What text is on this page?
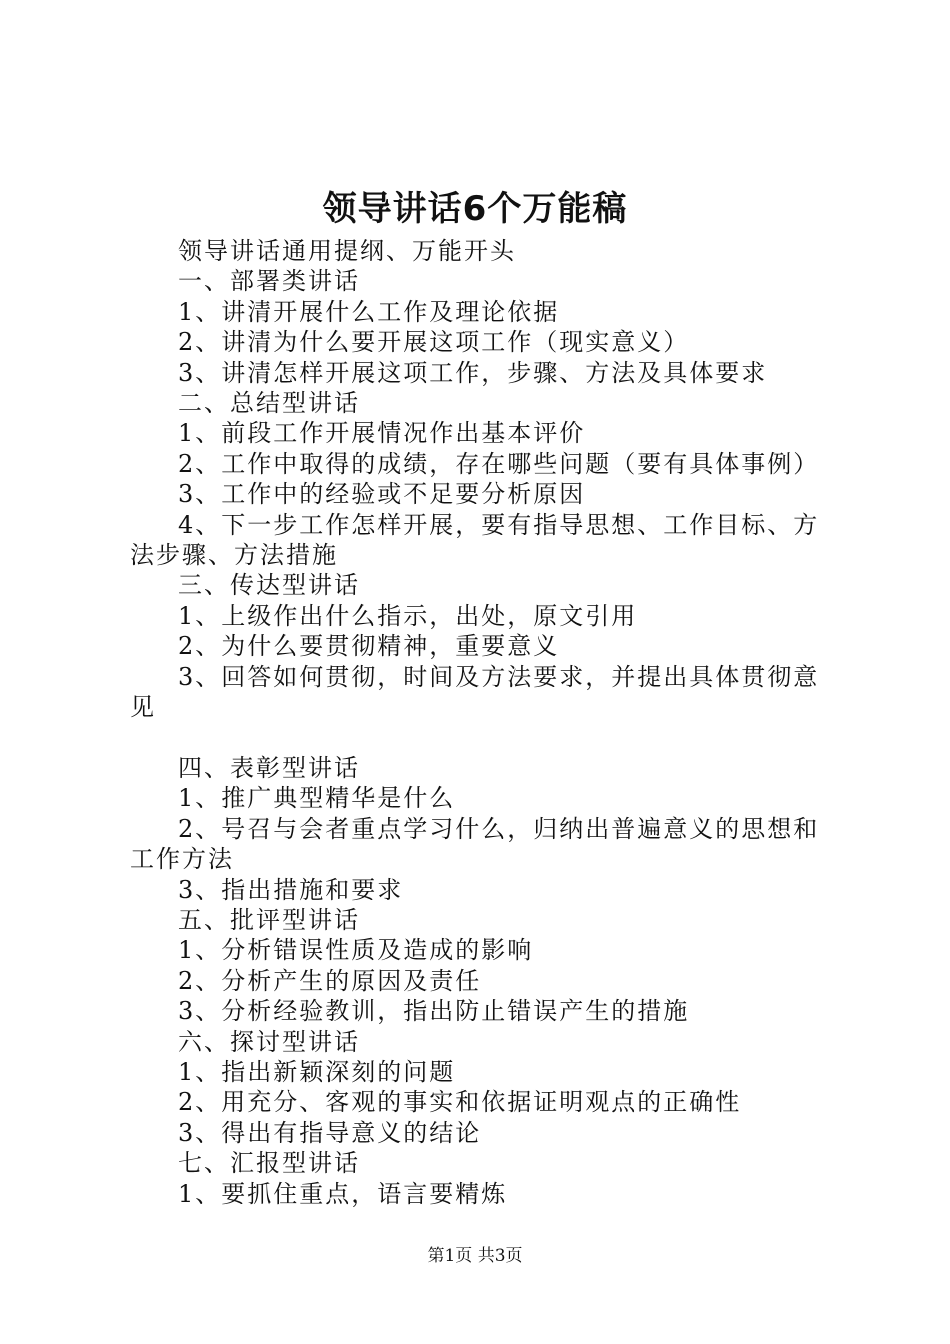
领导讲话6个万能稿

领导讲话通用提纲、万能开头

一、部署类讲话

1、讲清开展什么工作及理论依据

2、讲清为什么要开展这项工作（现实意义）

3、讲清怎样开展这项工作，步骤、方法及具体要求

二、总结型讲话

1、前段工作开展情况作出基本评价

2、工作中取得的成绩，存在哪些问题（要有具体事例）

3、工作中的经验或不足要分析原因

4、下一步工作怎样开展，要有指导思想、工作目标、方法步骤、方法措施

三、传达型讲话

1、上级作出什么指示，出处，原文引用

2、为什么要贯彻精神，重要意义

3、回答如何贯彻，时间及方法要求，并提出具体贯彻意见

四、表彰型讲话

1、推广典型精华是什么

2、号召与会者重点学习什么，归纳出普遍意义的思想和工作方法

3、指出措施和要求

五、批评型讲话

1、分析错误性质及造成的影响

2、分析产生的原因及责任

3、分析经验教训，指出防止错误产生的措施

六、探讨型讲话

1、指出新颖深刻的问题

2、用充分、客观的事实和依据证明观点的正确性

3、得出有指导意义的结论

七、汇报型讲话

1、要抓住重点，语言要精炼

第1页 共3页
